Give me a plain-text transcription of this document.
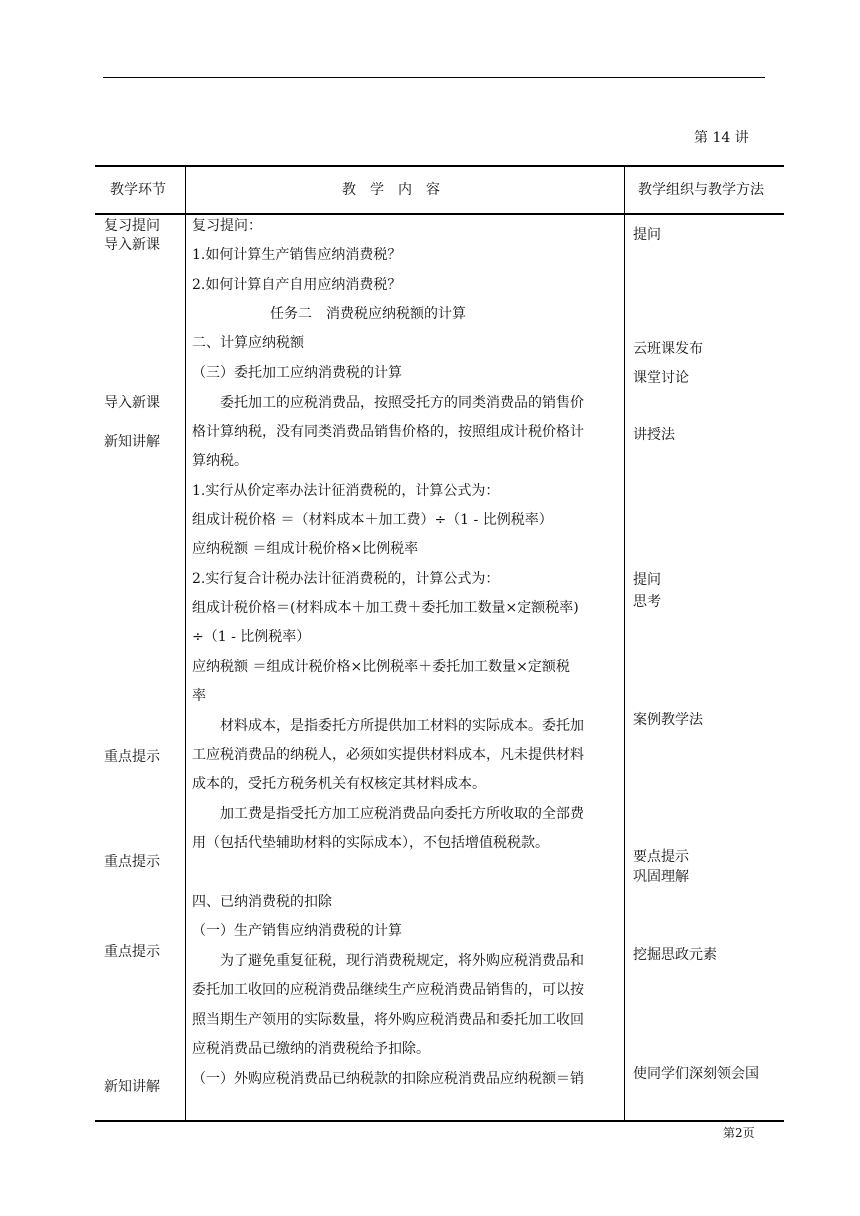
第 14 讲
教学环节	教　学　内　容	教学组织与教学方法
复习提问
导入新课
导入新课
新知讲解
重点提示
重点提示
重点提示
新知讲解
复习提问：
1.如何计算生产销售应纳消费税？
2.如何计算自产自用应纳消费税？
任务二　消费税应纳税额的计算
二、计算应纳税额
（三）委托加工应纳消费税的计算
委托加工的应税消费品，按照受托方的同类消费品的销售价
格计算纳税，没有同类消费品销售价格的，按照组成计税价格计
算纳税。
1.实行从价定率办法计征消费税的，计算公式为：
组成计税价格 ＝（材料成本＋加工费）÷（1 - 比例税率）
应纳税额 ＝组成计税价格×比例税率
2.实行复合计税办法计征消费税的，计算公式为：
组成计税价格＝(材料成本＋加工费＋委托加工数量×定额税率)
÷（1 - 比例税率）
应纳税额 ＝组成计税价格×比例税率＋委托加工数量×定额税
率
材料成本，是指委托方所提供加工材料的实际成本。委托加
工应税消费品的纳税人，必须如实提供材料成本，凡未提供材料
成本的，受托方税务机关有权核定其材料成本。
加工费是指受托方加工应税消费品向委托方所收取的全部费
用（包括代垫辅助材料的实际成本），不包括增值税税款。
四、已纳消费税的扣除
（一）生产销售应纳消费税的计算
为了避免重复征税，现行消费税规定，将外购应税消费品和
委托加工收回的应税消费品继续生产应税消费品销售的，可以按
照当期生产领用的实际数量，将外购应税消费品和委托加工收回
应税消费品已缴纳的消费税给予扣除。
（一）外购应税消费品已纳税款的扣除应税消费品应纳税额＝销
提问
云班课发布
课堂讨论
讲授法
提问
思考
案例教学法
要点提示
巩固理解
挖掘思政元素
使同学们深刻领会国
第2页
